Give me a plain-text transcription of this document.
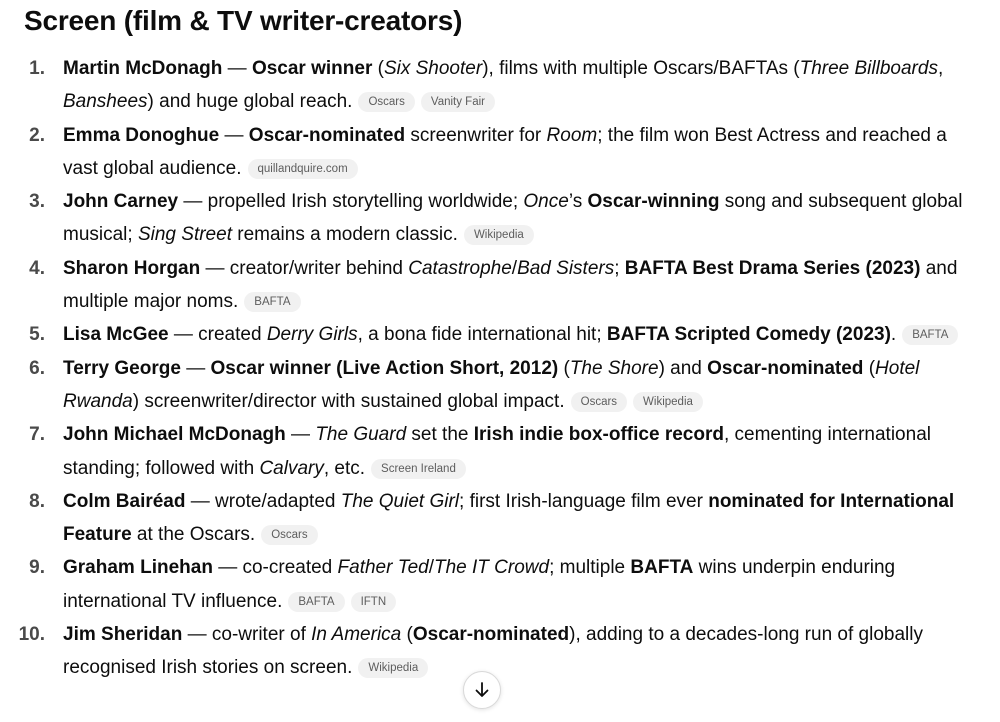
Screen (film & TV writer-creators)
1. Martin McDonagh — Oscar winner (Six Shooter), films with multiple Oscars/BAFTAs (Three Billboards, Banshees) and huge global reach. Oscars Vanity Fair
2. Emma Donoghue — Oscar-nominated screenwriter for Room; the film won Best Actress and reached a vast global audience. quillandquire.com
3. John Carney — propelled Irish storytelling worldwide; Once’s Oscar-winning song and subsequent global musical; Sing Street remains a modern classic. Wikipedia
4. Sharon Horgan — creator/writer behind Catastrophe/Bad Sisters; BAFTA Best Drama Series (2023) and multiple major noms. BAFTA
5. Lisa McGee — created Derry Girls, a bona fide international hit; BAFTA Scripted Comedy (2023). BAFTA
6. Terry George — Oscar winner (Live Action Short, 2012) (The Shore) and Oscar-nominated (Hotel Rwanda) screenwriter/director with sustained global impact. Oscars Wikipedia
7. John Michael McDonagh — The Guard set the Irish indie box-office record, cementing international standing; followed with Calvary, etc. Screen Ireland
8. Colm Bairéad — wrote/adapted The Quiet Girl; first Irish-language film ever nominated for International Feature at the Oscars. Oscars
9. Graham Linehan — co-created Father Ted/The IT Crowd; multiple BAFTA wins underpin enduring international TV influence. BAFTA IFTN
10. Jim Sheridan — co-writer of In America (Oscar-nominated), adding to a decades-long run of globally recognised Irish stories on screen. Wikipedia
